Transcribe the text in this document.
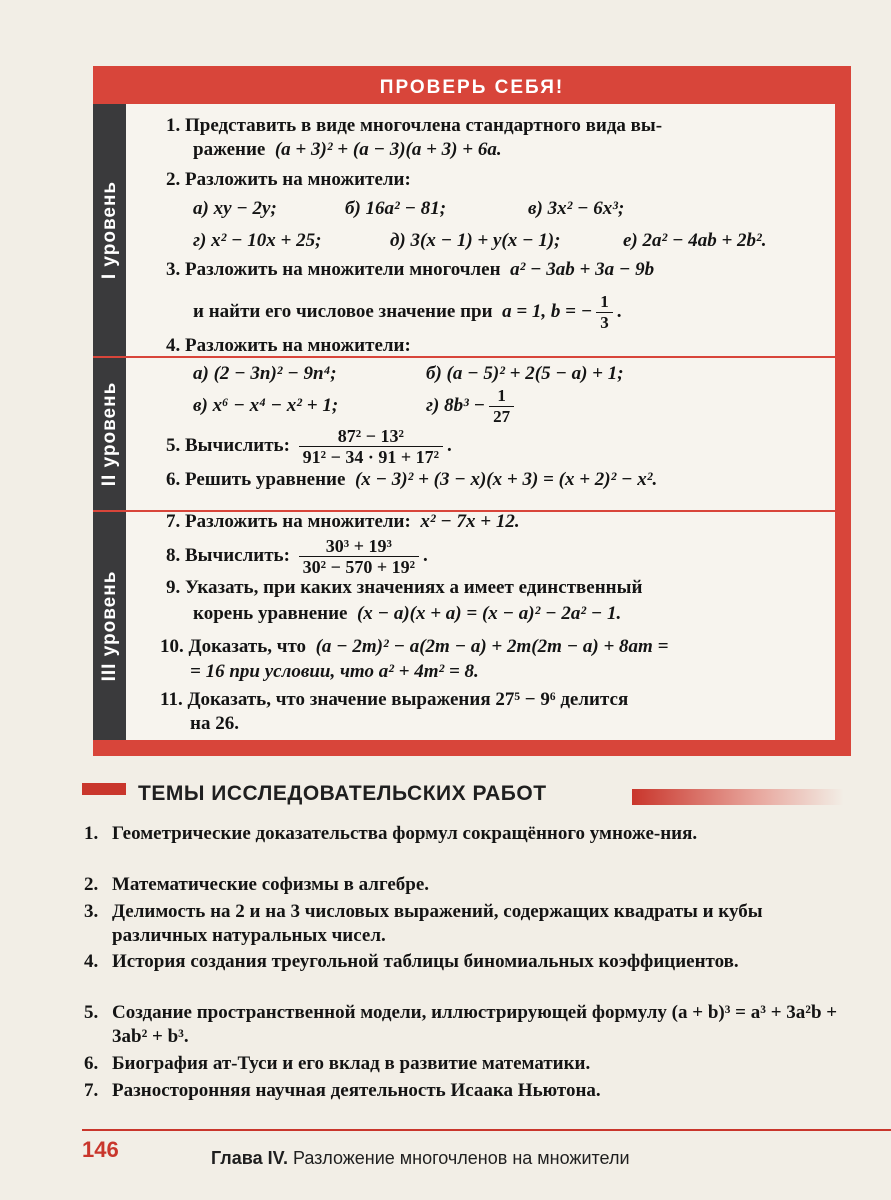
ПРОВЕРЬ СЕБЯ!
I уровень
II уровень
III уровень
1. Представить в виде многочлена стандартного вида вы-
ражение (a + 3)² + (a − 3)(a + 3) + 6a.
2. Разложить на множители:
а) xy − 2y;	б) 16a² − 81;	в) 3x² − 6x³;
г) x² − 10x + 25;	д) 3(x − 1) + y(x − 1);	е) 2a² − 4ab + 2b².
3. Разложить на множители многочлен a² − 3ab + 3a − 9b
и найти его числовое значение при a = 1, b = − $\frac{1}{3}$ .
4. Разложить на множители:
а) (2 − 3n)² − 9n⁴;	б) (a − 5)² + 2(5 − a) + 1;
в) x⁶ − x⁴ − x² + 1;	г) $8b^3 - \frac{1}{27}$
5. Вычислить: $\frac{\text{87² − 13²}}{\text{91² − 34 · 91 + 17²}}$ .
6. Решить уравнение (x − 3)² + (3 − x)(x + 3) = (x + 2)² − x².
7. Разложить на множители: x² − 7x + 12.
8. Вычислить: $\frac{\text{30³ + 19³}}{\text{30² − 570 + 19²}}$ .
9. Указать, при каких значениях a имеет единственный
корень уравнение (x − a)(x + a) = (x − a)² − 2a² − 1.
10. Доказать, что (a − 2m)² − a(2m − a) + 2m(2m − a) + 8am =
= 16 при условии, что a² + 4m² = 8.
11. Доказать, что значение выражения 27⁵ − 9⁶ делится
на 26.
ТЕМЫ ИССЛЕДОВАТЕЛЬСКИХ РАБОТ
1. Геометрические доказательства формул сокращённого умноже-ния.
2. Математические софизмы в алгебре.
3. Делимость на 2 и на 3 числовых выражений, содержащих квадраты и кубы различных натуральных чисел.
4. История создания треугольной таблицы биномиальных коэффициентов.
5. Создание пространственной модели, иллюстрирующей формулу (a + b)³ = a³ + 3a²b + 3ab² + b³.
6. Биография ат-Туси и его вклад в развитие математики.
7. Разносторонняя научная деятельность Исаака Ньютона.
146	Глава IV. Разложение многочленов на множители
